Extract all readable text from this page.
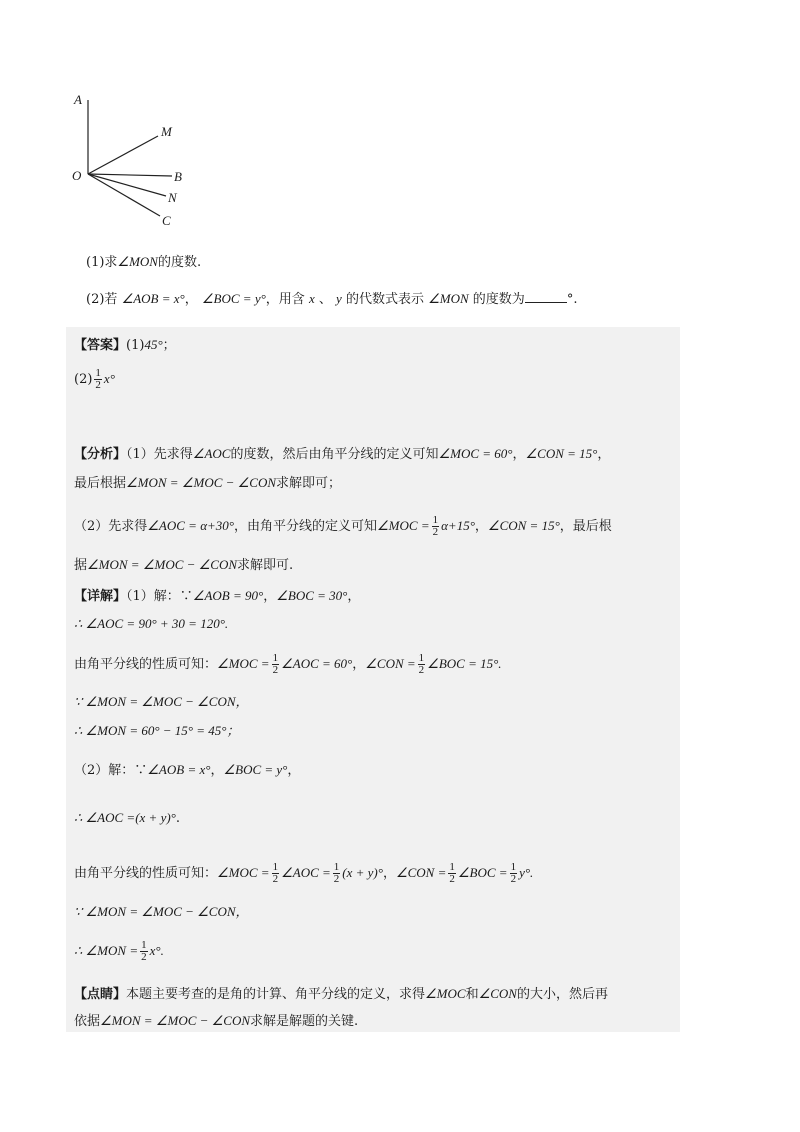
A
M
O	B
N
C
(1)求∠MON的度数.
(2)若 ∠AOB = x°， ∠BOC = y°，用含 x 、 y 的代数式表示 ∠MON 的度数为	°.
【答案】(1)45°；
$(2) \frac{1}{2} x^\circ$
【分析】（1）先求得∠AOC的度数，然后由角平分线的定义可知∠MOC = 60°，∠CON = 15°，
最后根据∠MON = ∠MOC − ∠CON求解即可；
（2）先求得∠AOC = α+30°，由角平分线的定义可知∠MOC = $\frac{1}{2} \alpha+15^\circ$，∠CON = 15°，最后根
据∠MON = ∠MOC − ∠CON求解即可.
【详解】（1）解：∵∠AOB = 90°，∠BOC = 30°，
∴ ∠AOC = 90° + 30 = 120°.
由角平分线的性质可知：∠MOC = $\frac{1}{2}$ ∠AOC = 60°，∠CON = $\frac{1}{2}$ ∠BOC = 15°.
∵ ∠MON = ∠MOC − ∠CON，
∴ ∠MON = 60° − 15° = 45°；
（2）解：∵∠AOB = x°，∠BOC = y°，
∴ ∠AOC =(x + y)°.
由角平分线的性质可知：∠MOC = $\frac{1}{2}$ ∠AOC = $\frac{1}{2} (x + y)^\circ$，∠CON = $\frac{1}{2}$ ∠BOC = $\frac{1}{2} y^\circ$.
∵ ∠MON = ∠MOC − ∠CON，
∴ ∠MON = $\frac{1}{2} x^\circ$.
【点睛】本题主要考查的是角的计算、角平分线的定义，求得∠MOC和∠CON的大小，然后再
依据∠MON = ∠MOC − ∠CON求解是解题的关键.
